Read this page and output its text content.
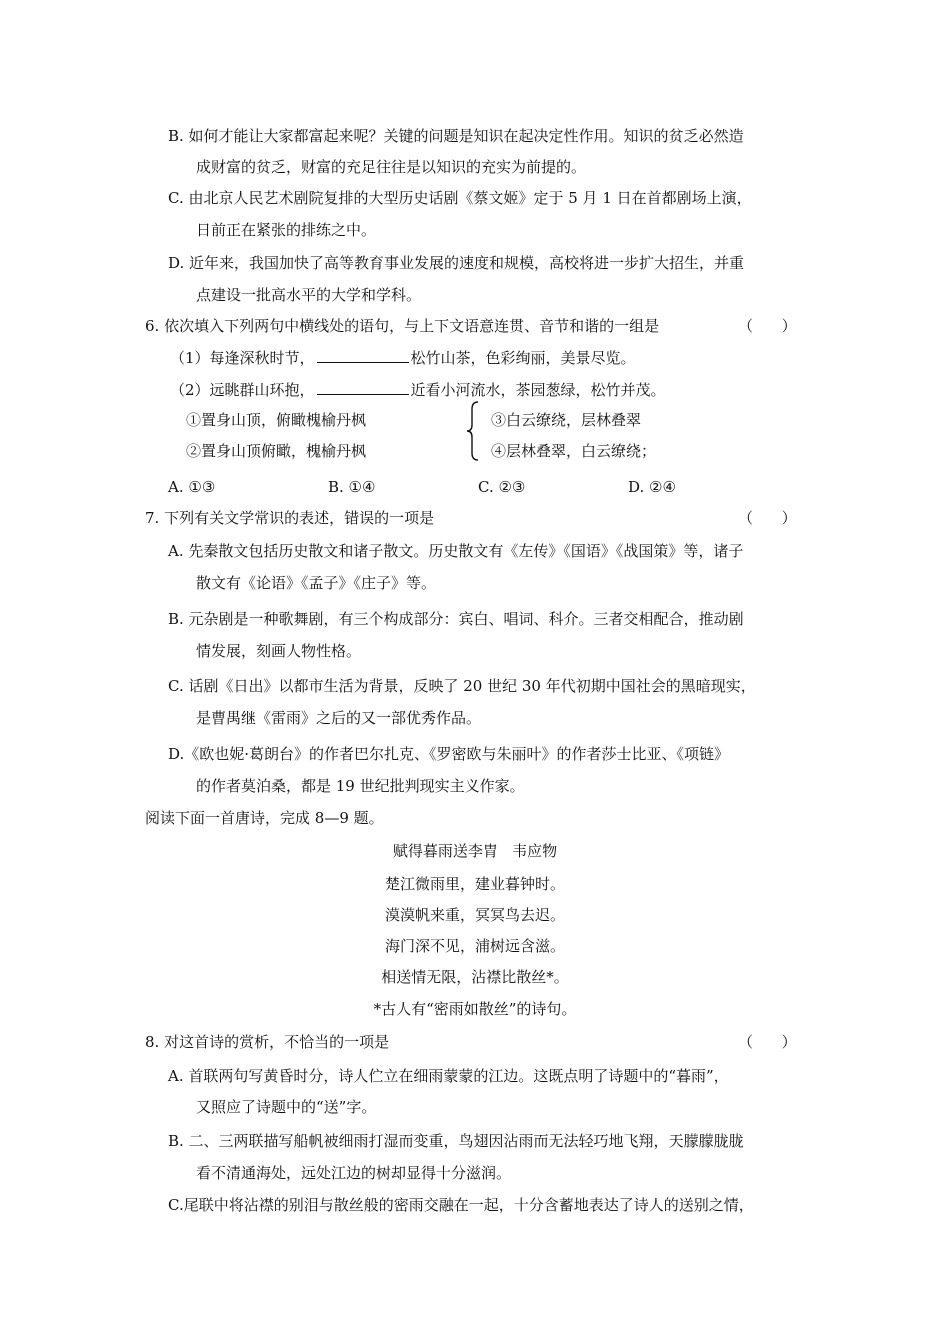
B. 如何才能让大家都富起来呢？关键的问题是知识在起决定性作用。知识的贫乏必然造
成财富的贫乏，财富的充足往往是以知识的充实为前提的。
C. 由北京人民艺术剧院复排的大型历史话剧《蔡文姬》定于 5 月 1 日在首都剧场上演，
日前正在紧张的排练之中。
D. 近年来，我国加快了高等教育事业发展的速度和规模，高校将进一步扩大招生，并重
点建设一批高水平的大学和学科。
6. 依次填入下列两句中横线处的语句，与上下文语意连贯、音节和谐的一组是	（      ）
（1）每逢深秋时节，	松竹山茶，色彩绚丽，美景尽览。
（2）远眺群山环抱，	近看小河流水，茶园葱绿，松竹并茂。
①置身山顶，俯瞰槐榆丹枫
②置身山顶俯瞰，槐榆丹枫
③白云缭绕，层林叠翠
④层林叠翠，白云缭绕；
A. ①③	B. ①④	C. ②③	D. ②④
7. 下列有关文学常识的表述，错误的一项是	（      ）
A. 先秦散文包括历史散文和诸子散文。历史散文有《左传》《国语》《战国策》等，诸子
散文有《论语》《孟子》《庄子》等。
B. 元杂剧是一种歌舞剧，有三个构成部分：宾白、唱词、科介。三者交相配合，推动剧
情发展，刻画人物性格。
C. 话剧《日出》以都市生活为背景，反映了 20 世纪 30 年代初期中国社会的黑暗现实，
是曹禺继《雷雨》之后的又一部优秀作品。
D.《欧也妮·葛朗台》的作者巴尔扎克、《罗密欧与朱丽叶》的作者莎士比亚、《项链》
的作者莫泊桑，都是 19 世纪批判现实主义作家。
阅读下面一首唐诗，完成 8—9 题。
赋得暮雨送李胄   韦应物
楚江微雨里，建业暮钟时。
漠漠帆来重，冥冥鸟去迟。
海门深不见，浦树远含滋。
相送情无限，沾襟比散丝*。
*古人有“密雨如散丝”的诗句。
8. 对这首诗的赏析，不恰当的一项是	（      ）
A. 首联两句写黄昏时分，诗人伫立在细雨蒙蒙的江边。这既点明了诗题中的“暮雨”，
又照应了诗题中的“送”字。
B. 二、三两联描写船帆被细雨打湿而变重，鸟翅因沾雨而无法轻巧地飞翔，天朦朦胧胧
看不清通海处，远处江边的树却显得十分滋润。
C.尾联中将沾襟的别泪与散丝般的密雨交融在一起，十分含蓄地表达了诗人的送别之情，
